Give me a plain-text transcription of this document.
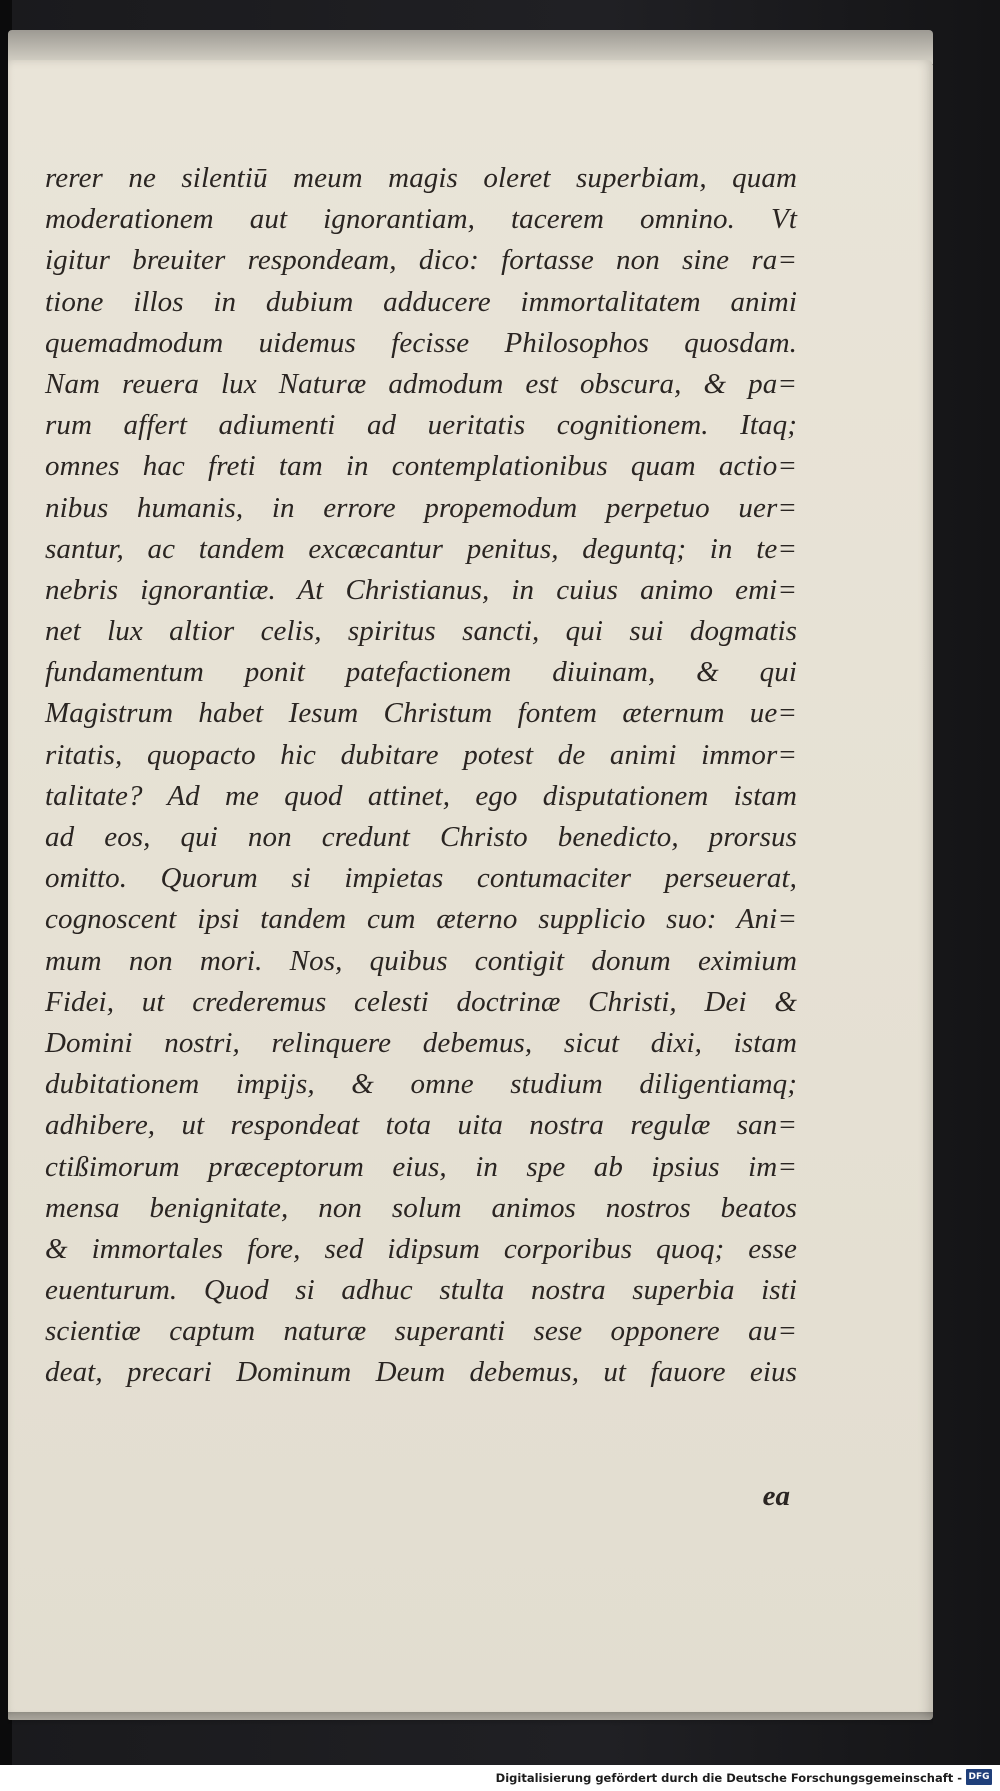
rerer ne silentiū meum magis oleret superbiam, quam
moderationem aut ignorantiam, tacerem omnino. Vt
igitur breuiter respondeam, dico: fortasse non sine ra=
tione illos in dubium adducere immortalitatem animi
quemadmodum uidemus fecisse Philosophos quosdam.
Nam reuera lux Naturæ admodum est obscura, & pa=
rum affert adiumenti ad ueritatis cognitionem. Itaq;
omnes hac freti tam in contemplationibus quam actio=
nibus humanis, in errore propemodum perpetuo uer=
santur, ac tandem excæcantur penitus, deguntq; in te=
nebris ignorantiæ. At Christianus, in cuius animo emi=
net lux altior celis, spiritus sancti, qui sui dogmatis
fundamentum ponit patefactionem diuinam, & qui
Magistrum habet Iesum Christum fontem æternum ue=
ritatis, quopacto hic dubitare potest de animi immor=
talitate? Ad me quod attinet, ego disputationem istam
ad eos, qui non credunt Christo benedicto, prorsus
omitto. Quorum si impietas contumaciter perseuerat,
cognoscent ipsi tandem cum æterno supplicio suo: Ani=
mum non mori. Nos, quibus contigit donum eximium
Fidei, ut crederemus celesti doctrinæ Christi, Dei &
Domini nostri, relinquere debemus, sicut dixi, istam
dubitationem impijs, & omne studium diligentiamq;
adhibere, ut respondeat tota uita nostra regulæ san=
ctißimorum præceptorum eius, in spe ab ipsius im=
mensa benignitate, non solum animos nostros beatos
& immortales fore, sed idipsum corporibus quoq; esse
euenturum. Quod si adhuc stulta nostra superbia isti
scientiæ captum naturæ superanti sese opponere au=
deat, precari Dominum Deum debemus, ut fauore eius
ea
Digitalisierung gefördert durch die Deutsche Forschungsgemeinschaft - DFG
